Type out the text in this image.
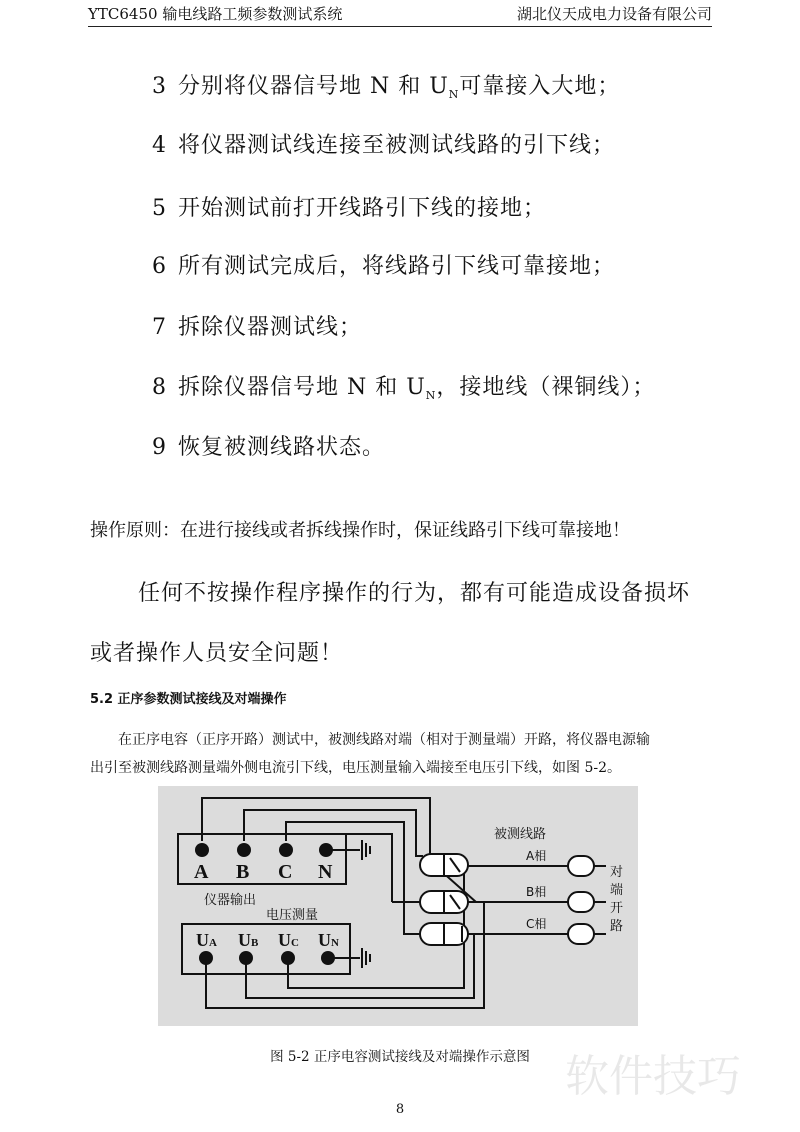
YTC6450 输电线路工频参数测试系统	湖北仪天成电力设备有限公司
3 分别将仪器信号地 N 和 $U_N$可靠接入大地；
4 将仪器测试线连接至被测试线路的引下线；
5 开始测试前打开线路引下线的接地；
6 所有测试完成后，将线路引下线可靠接地；
7 拆除仪器测试线；
8 拆除仪器信号地 N 和 $U_N$，接地线（裸铜线）；
9 恢复被测线路状态。
操作原则：在进行接线或者拆线操作时，保证线路引下线可靠接地！
任何不按操作程序操作的行为，都有可能造成设备损坏
或者操作人员安全问题！
5.2 正序参数测试接线及对端操作
在正序电容（正序开路）测试中，被测线路对端（相对于测量端）开路，将仪器电源输
出引至被测线路测量端外侧电流引下线，电压测量输入端接至电压引下线，如图 5-2。
A B C N
仪器输出
电压测量
UA UB UC UN
被测线路
A相
B相
C相
对
端
开
路
图 5-2 正序电容测试接线及对端操作示意图 软件技巧
8
